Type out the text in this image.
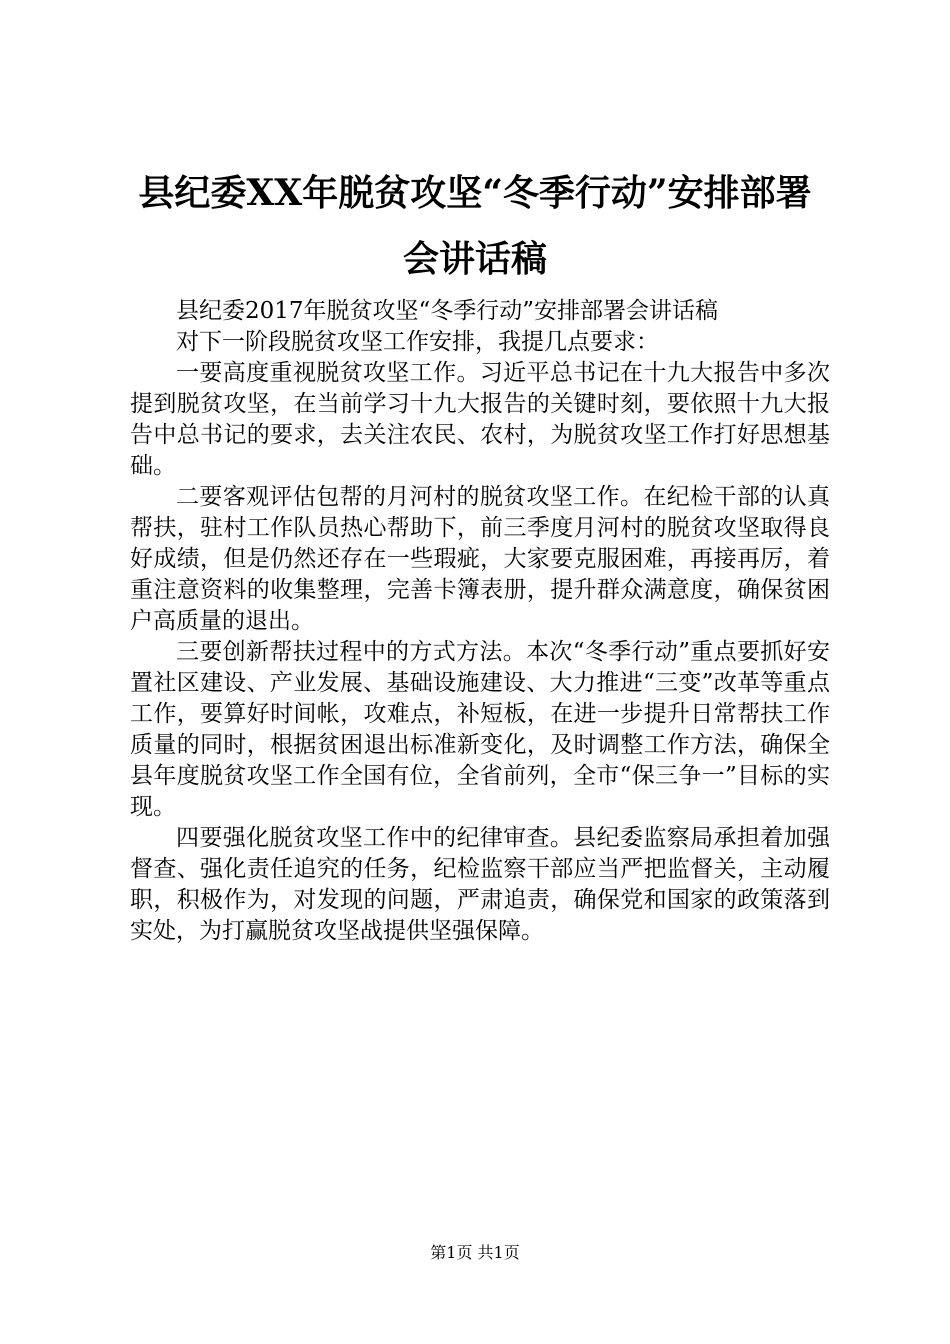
县纪委XX年脱贫攻坚“冬季行动”安排部署会讲话稿

县纪委2017年脱贫攻坚“冬季行动”安排部署会讲话稿

对下一阶段脱贫攻坚工作安排，我提几点要求：

一要高度重视脱贫攻坚工作。习近平总书记在十九大报告中多次提到脱贫攻坚，在当前学习十九大报告的关键时刻，要依照十九大报告中总书记的要求，去关注农民、农村，为脱贫攻坚工作打好思想基础。

二要客观评估包帮的月河村的脱贫攻坚工作。在纪检干部的认真帮扶，驻村工作队员热心帮助下，前三季度月河村的脱贫攻坚取得良好成绩，但是仍然还存在一些瑕疵，大家要克服困难，再接再厉，着重注意资料的收集整理，完善卡簿表册，提升群众满意度，确保贫困户高质量的退出。

三要创新帮扶过程中的方式方法。本次“冬季行动”重点要抓好安置社区建设、产业发展、基础设施建设、大力推进“三变”改革等重点工作，要算好时间帐，攻难点，补短板，在进一步提升日常帮扶工作质量的同时，根据贫困退出标准新变化，及时调整工作方法，确保全县年度脱贫攻坚工作全国有位，全省前列，全市“保三争一”目标的实现。

四要强化脱贫攻坚工作中的纪律审查。县纪委监察局承担着加强督查、强化责任追究的任务，纪检监察干部应当严把监督关，主动履职，积极作为，对发现的问题，严肃追责，确保党和国家的政策落到实处，为打赢脱贫攻坚战提供坚强保障。

第1页 共1页
